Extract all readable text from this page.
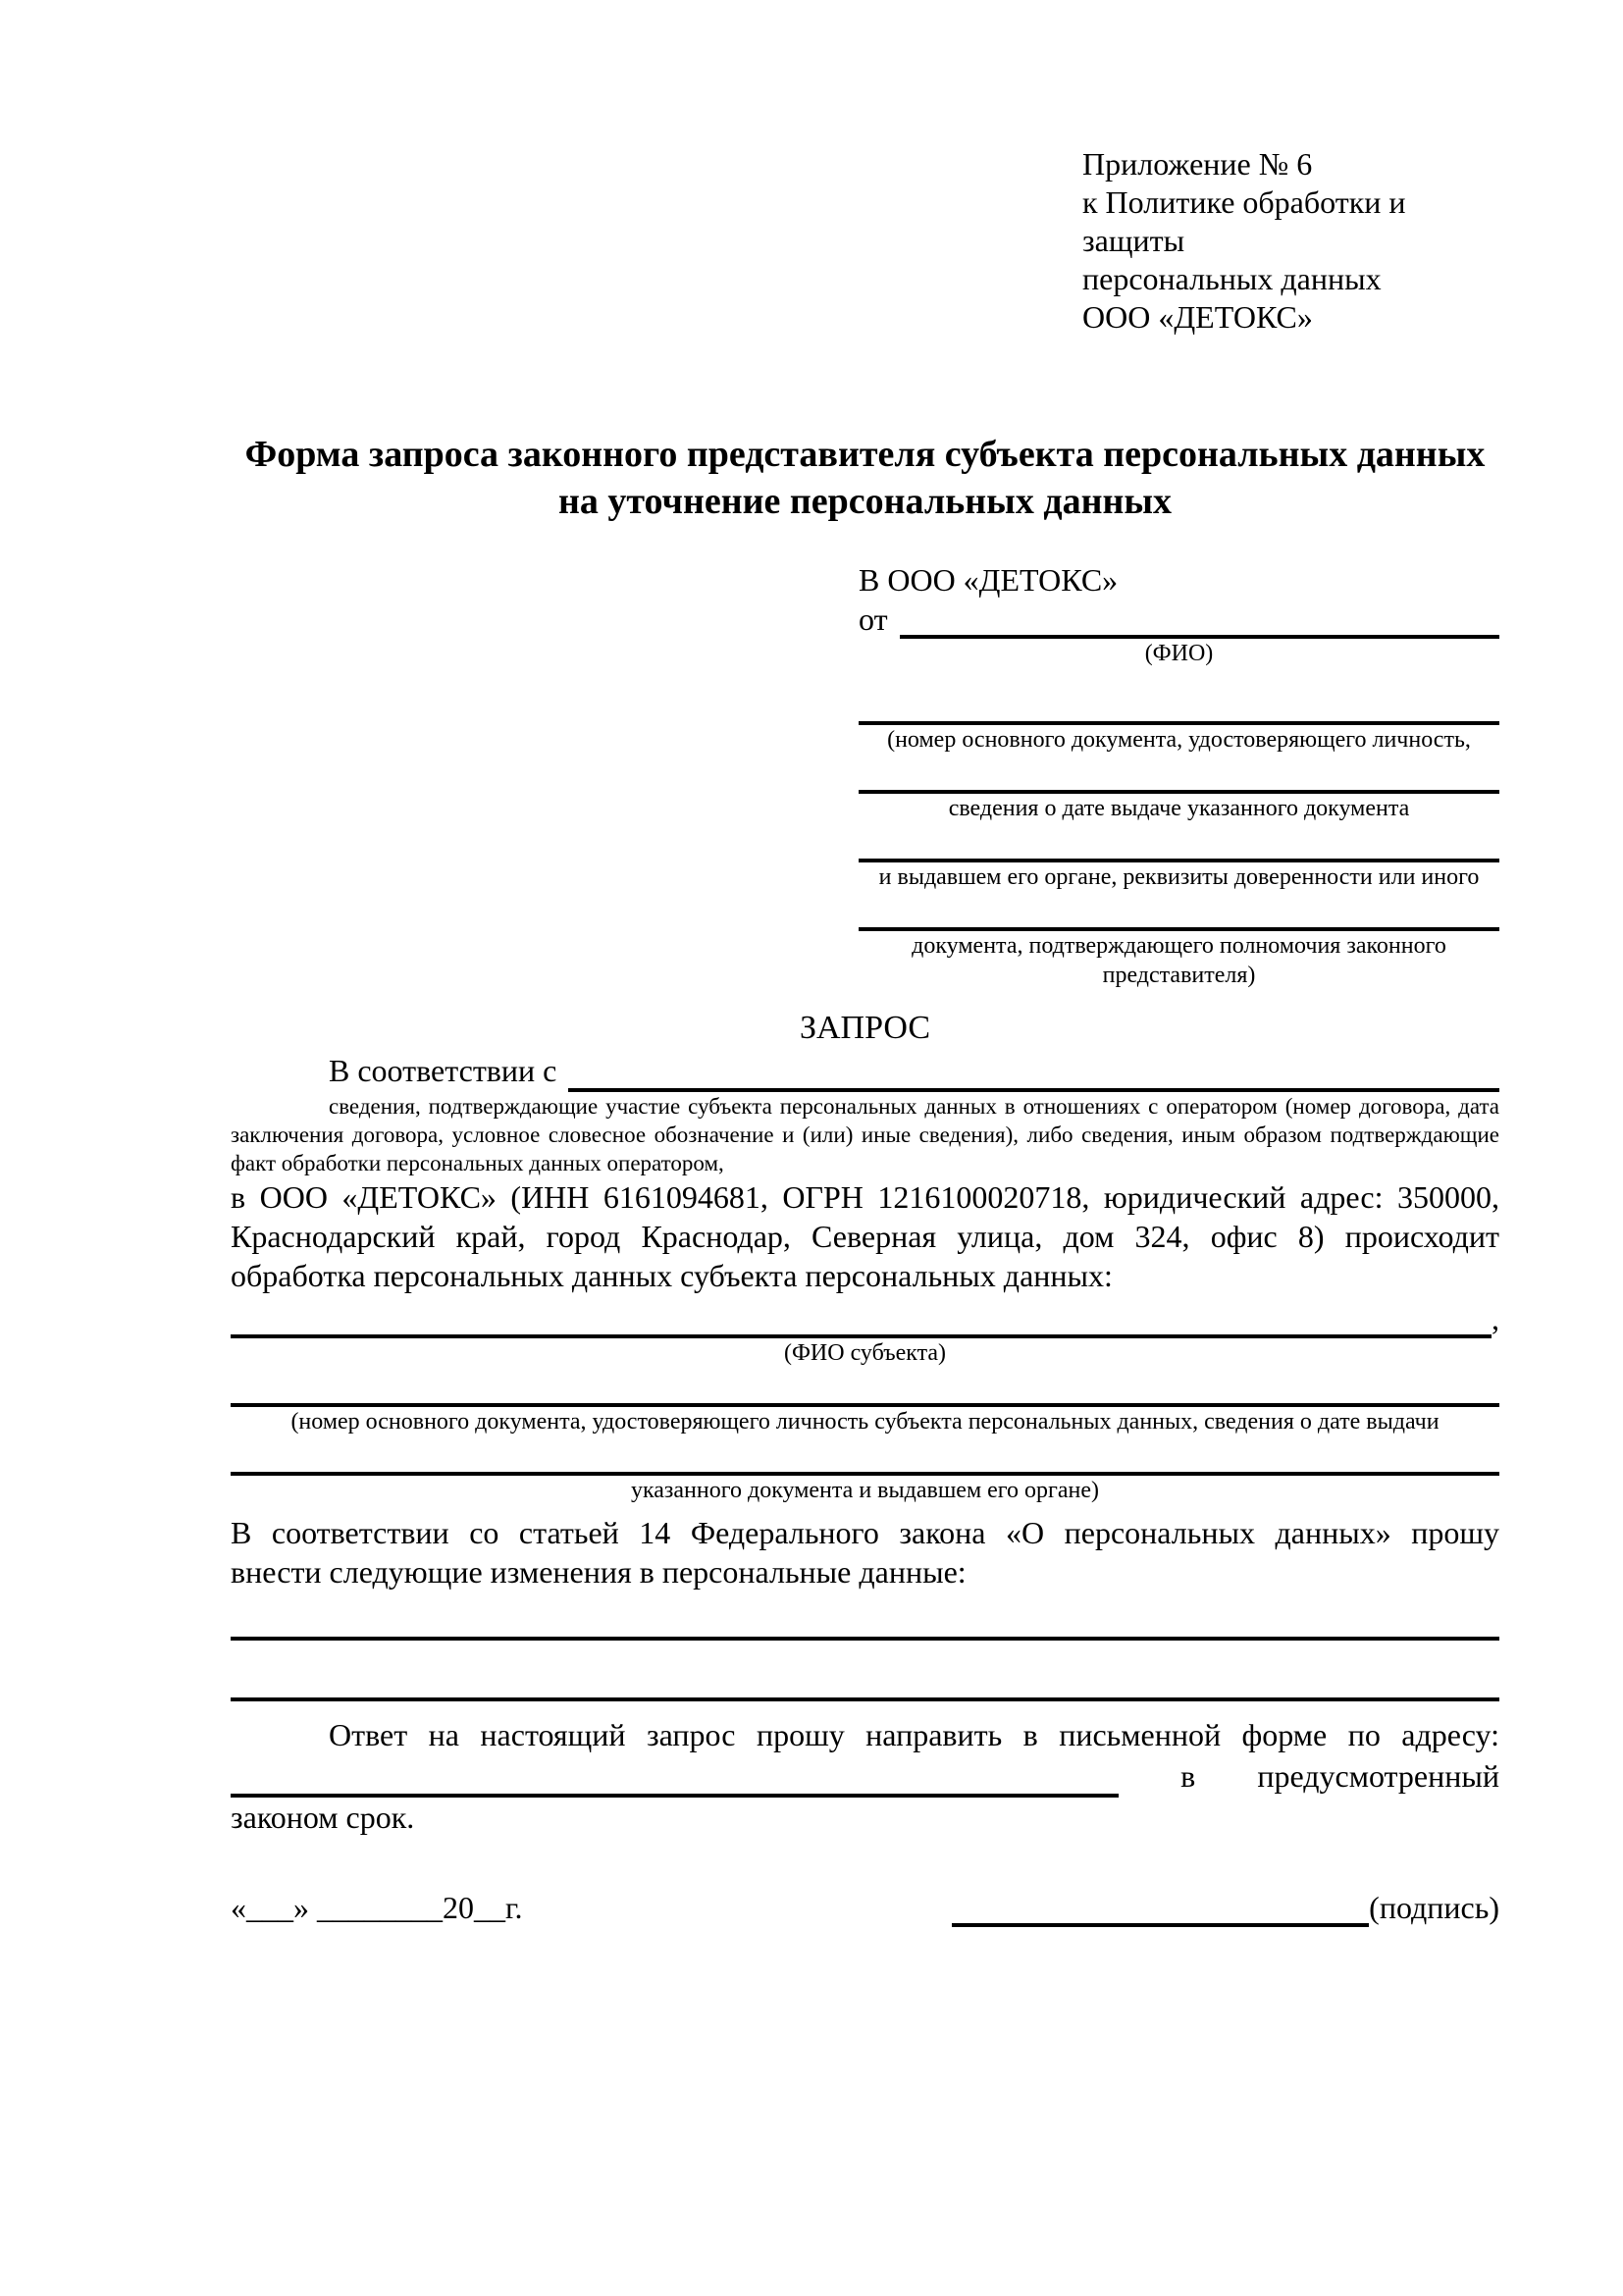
Приложение № 6
к Политике обработки и защиты
персональных данных
ООО «ДЕТОКС»
Форма запроса законного представителя субъекта персональных данных
на уточнение персональных данных
В ООО «ДЕТОКС»
от
(ФИО)
(номер основного документа, удостоверяющего личность,
сведения о дате выдаче указанного документа
и выдавшем его органе, реквизиты доверенности или иного
документа, подтверждающего полномочия законного представителя)
ЗАПРОС
В соответствии с
сведения, подтверждающие участие субъекта персональных данных в отношениях с оператором (номер договора, дата заключения договора, условное словесное обозначение и (или) иные сведения), либо сведения, иным образом подтверждающие факт обработки персональных данных оператором,
в ООО «ДЕТОКС» (ИНН 6161094681, ОГРН 1216100020718, юридический адрес: 350000,
Краснодарский край, город Краснодар, Северная улица, дом 324, офис 8) происходит
обработка персональных данных субъекта персональных данных:
,
(ФИО субъекта)
(номер основного документа, удостоверяющего личность субъекта персональных данных, сведения о дате выдачи
указанного документа и выдавшем его органе)
В соответствии со статьей 14 Федерального закона «О персональных данных» прошу
внести следующие изменения в персональные данные:
Ответ на настоящий запрос прошу направить в письменной форме по адресу:
в предусмотренный
законом срок.
«___» ________20__г.	(подпись)
